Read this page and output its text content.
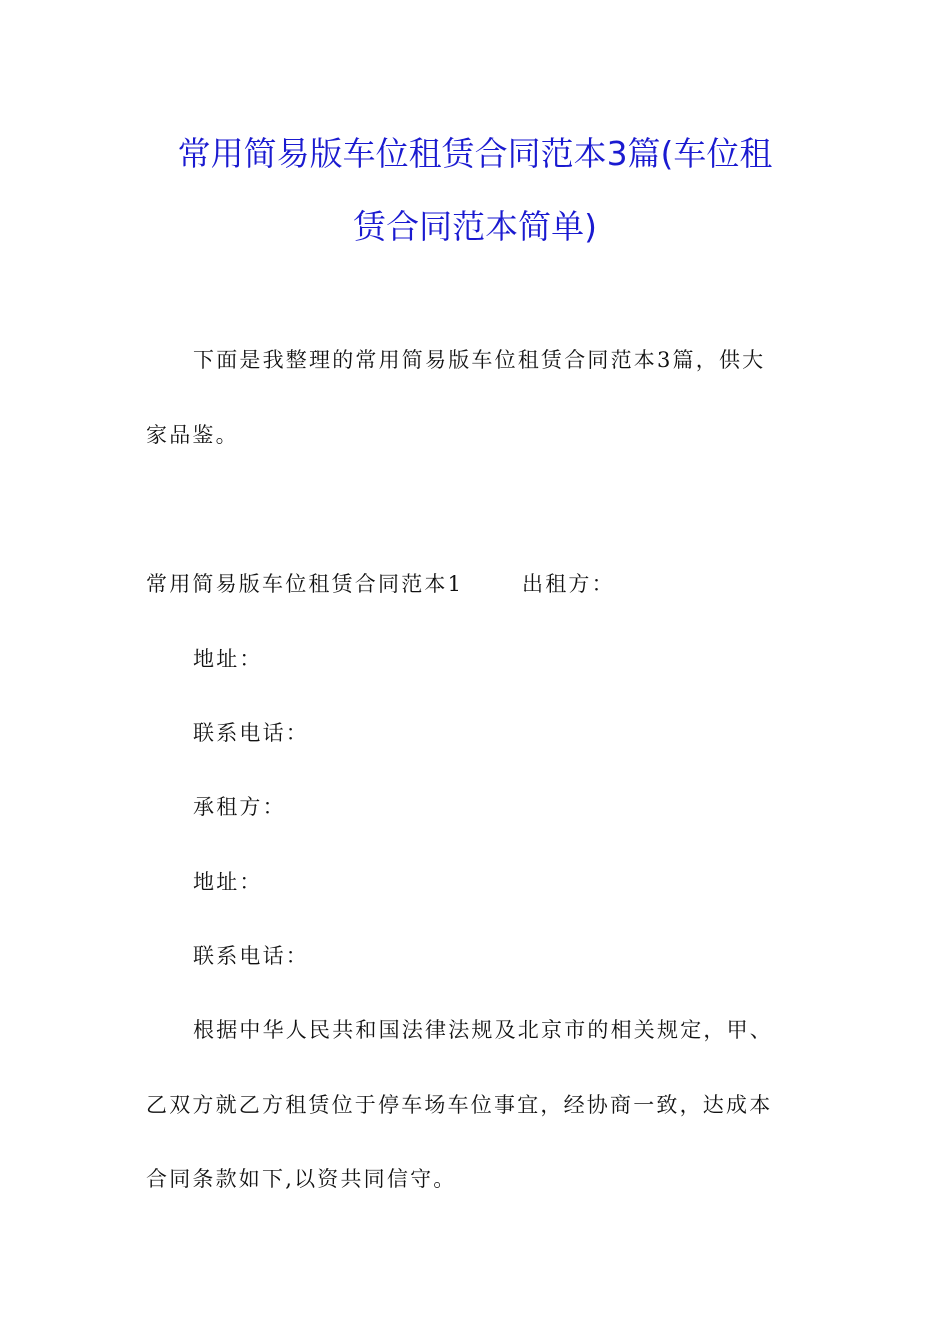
常用简易版车位租赁合同范本3篇(车位租
赁合同范本简单)
下面是我整理的常用简易版车位租赁合同范本3篇，供大
家品鉴。
常用简易版车位租赁合同范本1	出租方：
地址：
联系电话：
承租方：
地址：
联系电话：
根据中华人民共和国法律法规及北京市的相关规定，甲、
乙双方就乙方租赁位于停车场车位事宜，经协商一致，达成本
合同条款如下,以资共同信守。
